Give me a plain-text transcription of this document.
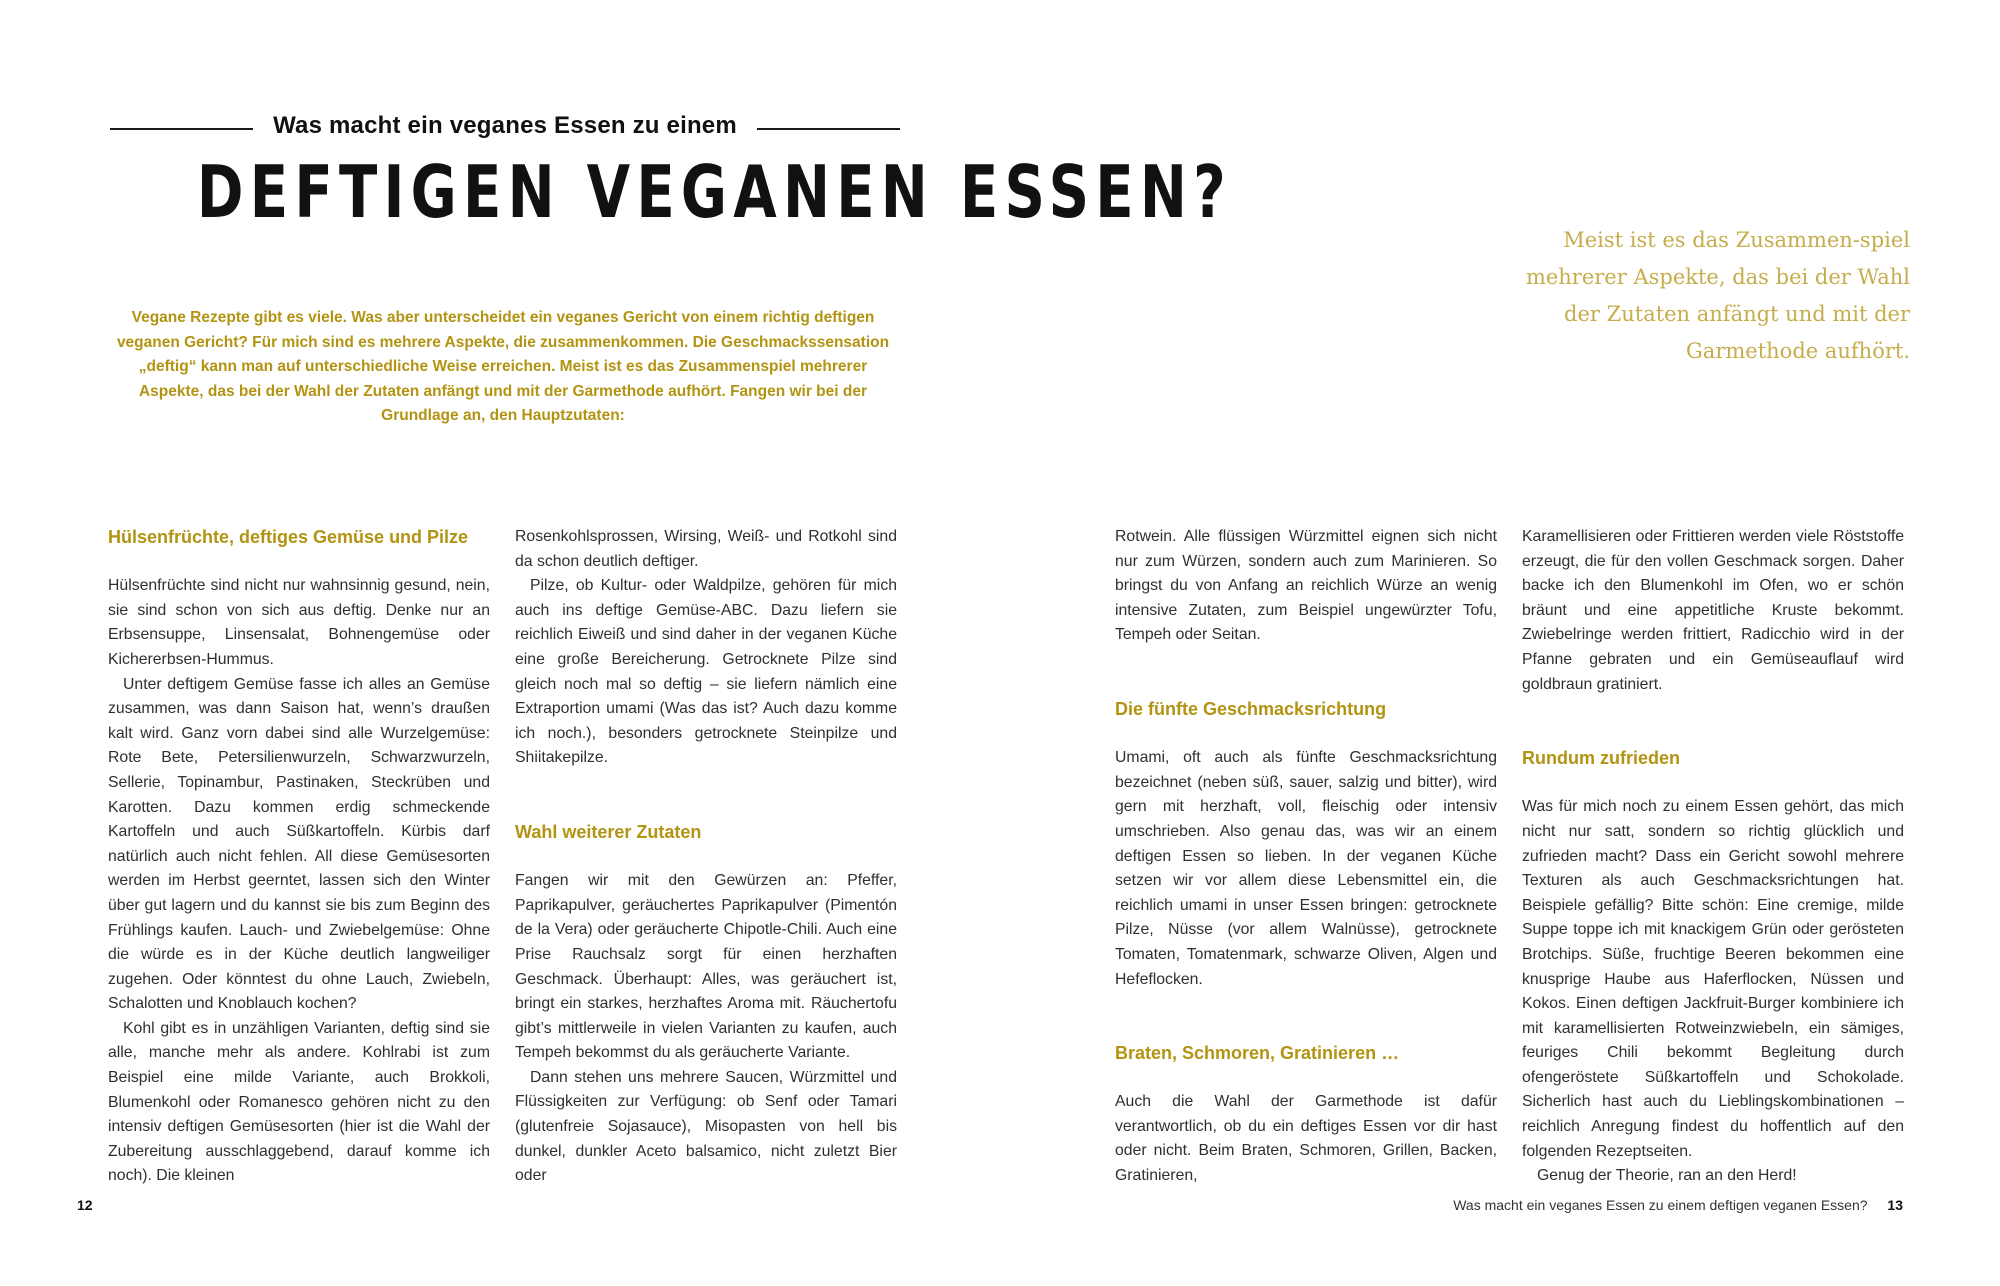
Was macht ein veganes Essen zu einem
DEFTIGEN VEGANEN ESSEN?
Vegane Rezepte gibt es viele. Was aber unterscheidet ein veganes Gericht von einem richtig deftigen veganen Gericht? Für mich sind es mehrere Aspekte, die zusammenkommen. Die Geschmackssensation „deftig“ kann man auf unterschiedliche Weise erreichen. Meist ist es das Zusammenspiel mehrerer Aspekte, das bei der Wahl der Zutaten anfängt und mit der Garmethode aufhört. Fangen wir bei der Grundlage an, den Hauptzutaten:
Meist ist es das Zusammen-spiel mehrerer Aspekte, das bei der Wahl der Zutaten anfängt und mit der Garmethode aufhört.
Hülsenfrüchte, deftiges Gemüse und Pilze

Hülsenfrüchte sind nicht nur wahnsinnig gesund, nein, sie sind schon von sich aus deftig. Denke nur an Erbsensuppe, Linsensalat, Bohnengemüse oder Kichererbsen-Hummus.

Unter deftigem Gemüse fasse ich alles an Gemüse zusammen, was dann Saison hat, wenn’s draußen kalt wird. Ganz vorn dabei sind alle Wurzelgemüse: Rote Bete, Petersilienwurzeln, Schwarzwurzeln, Sellerie, Topinambur, Pastinaken, Steckrüben und Karotten. Dazu kommen erdig schmeckende Kartoffeln und auch Süßkartoffeln. Kürbis darf natürlich auch nicht fehlen. All diese Gemüsesorten werden im Herbst geerntet, lassen sich den Winter über gut lagern und du kannst sie bis zum Beginn des Frühlings kaufen. Lauch- und Zwiebelgemüse: Ohne die würde es in der Küche deutlich langweiliger zugehen. Oder könntest du ohne Lauch, Zwiebeln, Schalotten und Knoblauch kochen?

Kohl gibt es in unzähligen Varianten, deftig sind sie alle, manche mehr als andere. Kohlrabi ist zum Beispiel eine milde Variante, auch Brokkoli, Blumenkohl oder Romanesco gehören nicht zu den intensiv deftigen Gemüsesorten (hier ist die Wahl der Zubereitung ausschlaggebend, darauf komme ich noch). Die kleinen

Rosenkohlsprossen, Wirsing, Weiß- und Rotkohl sind da schon deutlich deftiger.

Pilze, ob Kultur- oder Waldpilze, gehören für mich auch ins deftige Gemüse-ABC. Dazu liefern sie reichlich Eiweiß und sind daher in der veganen Küche eine große Bereicherung. Getrocknete Pilze sind gleich noch mal so deftig – sie liefern nämlich eine Extraportion umami (Was das ist? Auch dazu komme ich noch.), besonders getrocknete Steinpilze und Shiitakepilze.

Wahl weiterer Zutaten

Fangen wir mit den Gewürzen an: Pfeffer, Paprikapulver, geräuchertes Paprikapulver (Pimentón de la Vera) oder geräucherte Chipotle-Chili. Auch eine Prise Rauchsalz sorgt für einen herzhaften Geschmack. Überhaupt: Alles, was geräuchert ist, bringt ein starkes, herzhaftes Aroma mit. Räuchertofu gibt’s mittlerweile in vielen Varianten zu kaufen, auch Tempeh bekommst du als geräucherte Variante.

Dann stehen uns mehrere Saucen, Würzmittel und Flüssigkeiten zur Verfügung: ob Senf oder Tamari (glutenfreie Sojasauce), Misopasten von hell bis dunkel, dunkler Aceto balsamico, nicht zuletzt Bier oder

Rotwein. Alle flüssigen Würzmittel eignen sich nicht nur zum Würzen, sondern auch zum Marinieren. So bringst du von Anfang an reichlich Würze an wenig intensive Zutaten, zum Beispiel ungewürzter Tofu, Tempeh oder Seitan.

Die fünfte Geschmacksrichtung

Umami, oft auch als fünfte Geschmacksrichtung bezeichnet (neben süß, sauer, salzig und bitter), wird gern mit herzhaft, voll, fleischig oder intensiv umschrieben. Also genau das, was wir an einem deftigen Essen so lieben. In der veganen Küche setzen wir vor allem diese Lebensmittel ein, die reichlich umami in unser Essen bringen: getrocknete Pilze, Nüsse (vor allem Walnüsse), getrocknete Tomaten, Tomatenmark, schwarze Oliven, Algen und Hefeflocken.

Braten, Schmoren, Gratinieren …

Auch die Wahl der Garmethode ist dafür verantwortlich, ob du ein deftiges Essen vor dir hast oder nicht. Beim Braten, Schmoren, Grillen, Backen, Gratinieren,

Karamellisieren oder Frittieren werden viele Röststoffe erzeugt, die für den vollen Geschmack sorgen. Daher backe ich den Blumenkohl im Ofen, wo er schön bräunt und eine appetitliche Kruste bekommt. Zwiebelringe werden frittiert, Radicchio wird in der Pfanne gebraten und ein Gemüseauflauf wird goldbraun gratiniert.

Rundum zufrieden

Was für mich noch zu einem Essen gehört, das mich nicht nur satt, sondern so richtig glücklich und zufrieden macht? Dass ein Gericht sowohl mehrere Texturen als auch Geschmacksrichtungen hat. Beispiele gefällig? Bitte schön: Eine cremige, milde Suppe toppe ich mit knackigem Grün oder gerösteten Brotchips. Süße, fruchtige Beeren bekommen eine knusprige Haube aus Haferflocken, Nüssen und Kokos. Einen deftigen Jackfruit-Burger kombiniere ich mit karamellisierten Rotweinzwiebeln, ein sämiges, feuriges Chili bekommt Begleitung durch ofengeröstete Süßkartoffeln und Schokolade. Sicherlich hast auch du Lieblingskombinationen – reichlich Anregung findest du hoffentlich auf den folgenden Rezeptseiten.

Genug der Theorie, ran an den Herd!

12	Was macht ein veganes Essen zu einem deftigen veganen Essen? 13
